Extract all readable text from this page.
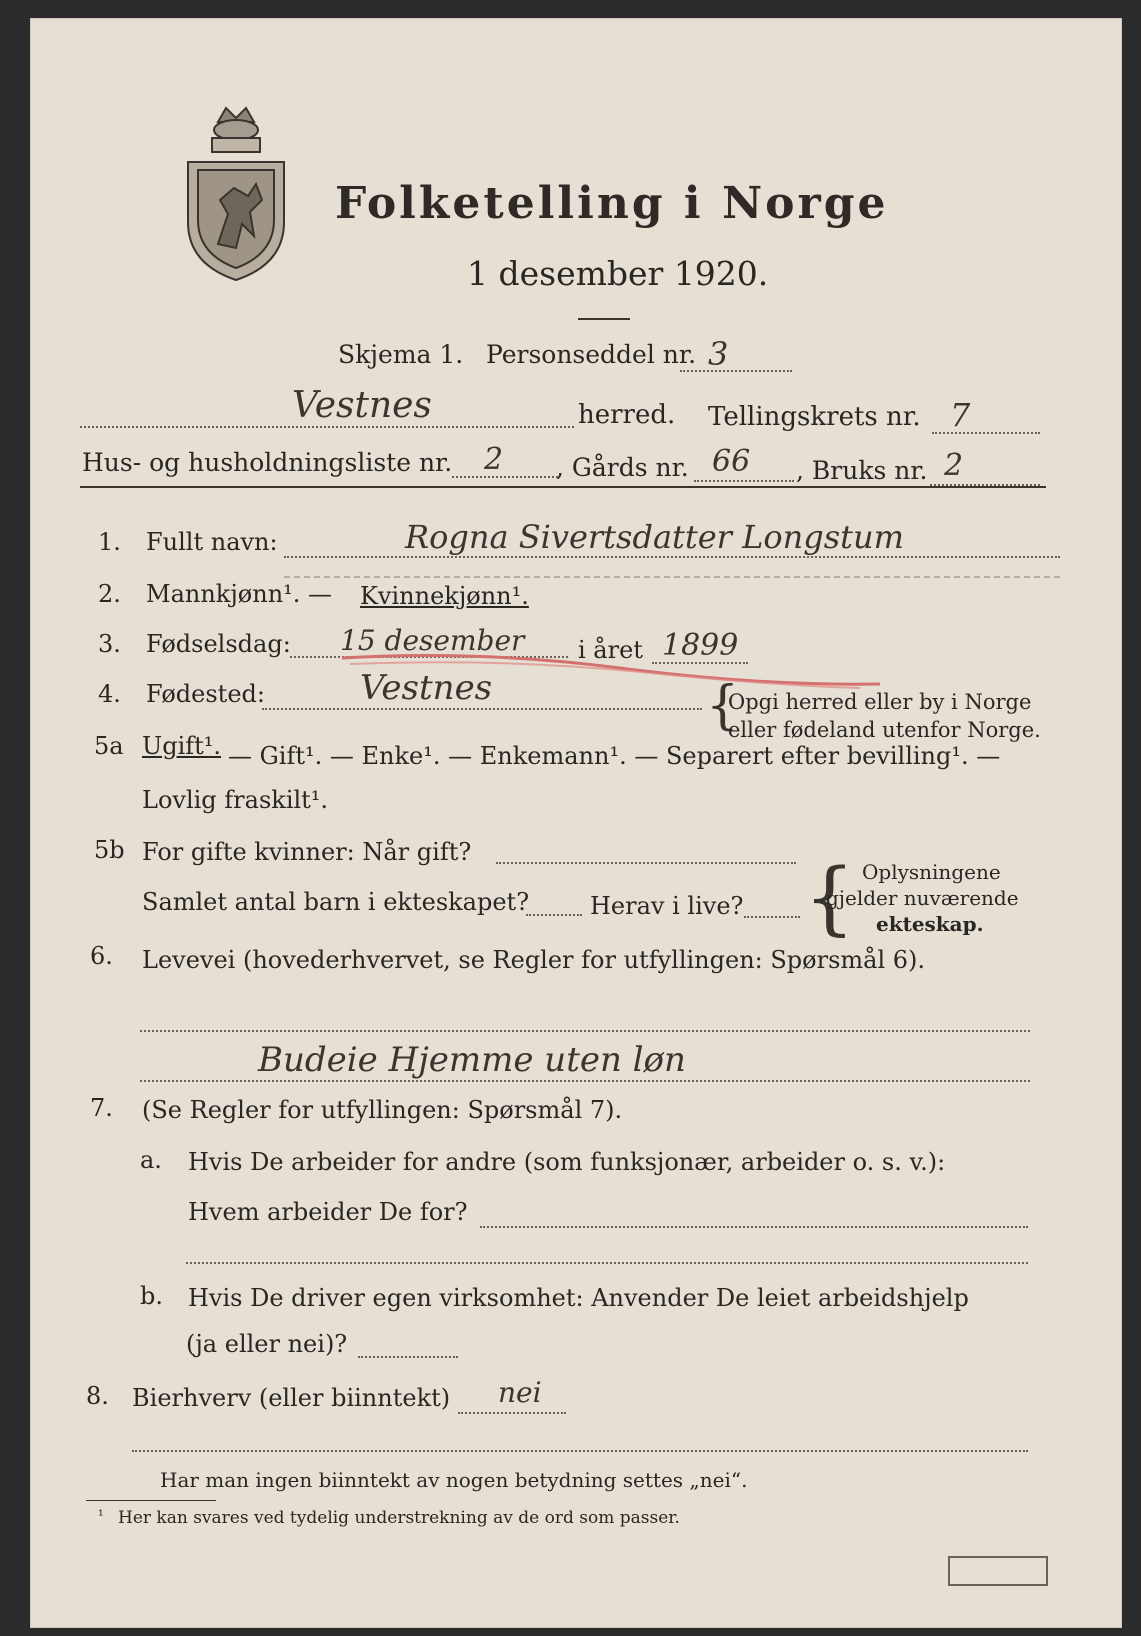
Folketelling i Norge
1 desember 1920.
Skjema 1. Personseddel nr. 3
Vestnes	herred. Tellingskrets nr. 7
Hus- og husholdningsliste nr. 2 , Gårds nr. 66 , Bruks nr. 2
1. Fullt navn:	Rogna Sivertsdatter Longstum
2. Mannkjønn¹. — Kvinnekjønn¹.
3. Fødselsdag: 15 desember i året 1899
4. Fødested:	Vestnes	{
Opgi herred eller by i Norge
eller fødeland utenfor Norge.
5a Ugift¹. — Gift¹. — Enke¹. — Enkemann¹. — Separert efter bevilling¹. —
Lovlig fraskilt¹.
5b For gifte kvinner: Når gift?
Samlet antal barn i ekteskapet?	Herav i live? { Oplysningene
gjelder nuværende
ekteskap.
6. Levevei (hovederhvervet, se Regler for utfyllingen: Spørsmål 6).
Budeie Hjemme uten løn
7. (Se Regler for utfyllingen: Spørsmål 7).
a. Hvis De arbeider for andre (som funksjonær, arbeider o. s. v.):
Hvem arbeider De for?
b. Hvis De driver egen virksomhet: Anvender De leiet arbeidshjelp
(ja eller nei)?
8. Bierhverv (eller biinntekt) nei
Har man ingen biinntekt av nogen betydning settes „nei“.
¹ Her kan svares ved tydelig understrekning av de ord som passer.
